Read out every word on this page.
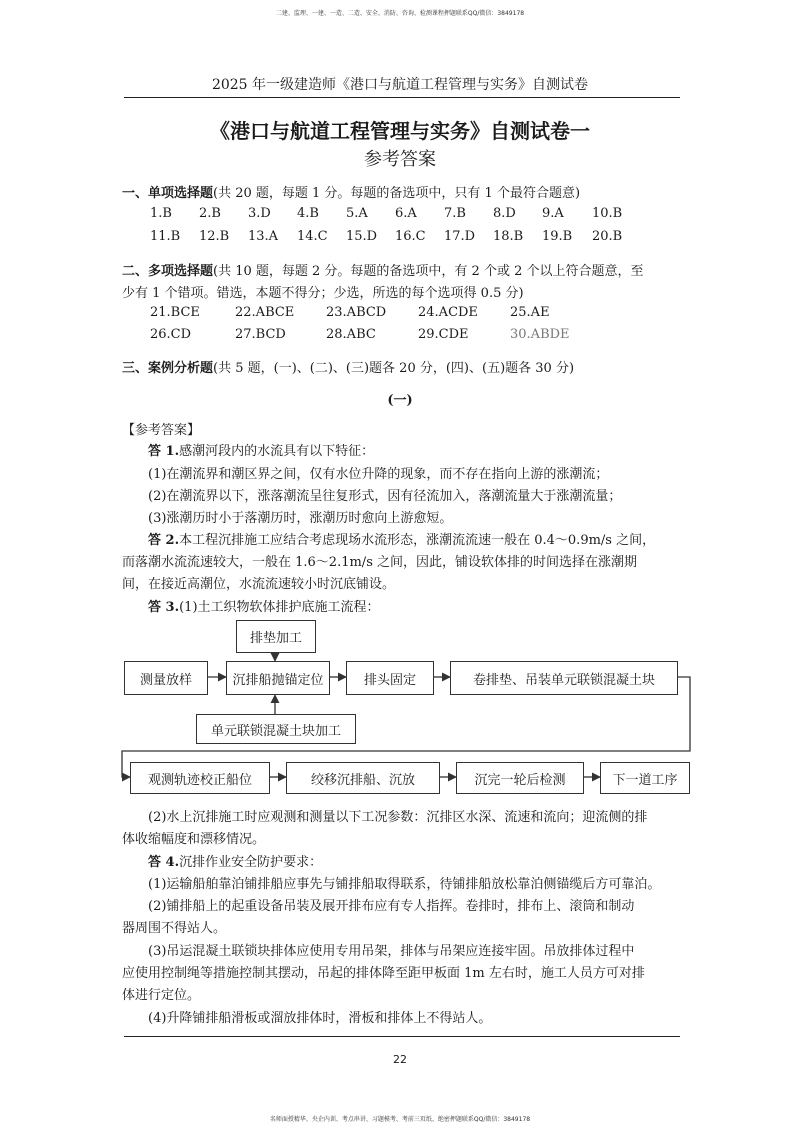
二建、监理、一建、一造、二造、安全、消防、咨询、检测课程押题联系QQ/微信：3849178
2025 年一级建造师《港口与航道工程管理与实务》自测试卷
《港口与航道工程管理与实务》自测试卷一
参考答案
一、单项选择题(共 20 题，每题 1 分。每题的备选项中，只有 1 个最符合题意)
1.B 2.B 3.D 4.B 5.A 6.A 7.B 8.D 9.A 10.B
11.B 12.B 13.A 14.C 15.D 16.C 17.D 18.B 19.B 20.B
二、多项选择题(共 10 题，每题 2 分。每题的备选项中，有 2 个或 2 个以上符合题意，至
少有 1 个错项。错选，本题不得分；少选，所选的每个选项得 0.5 分)
21.BCE	22.ABCE 23.ABCD 24.ACDE 25.AE
26.CD	27.BCD	28.ABC	29.CDE	30.ABDE
三、案例分析题(共 5 题，(一)、(二)、(三)题各 20 分，(四)、(五)题各 30 分)
(一)
【参考答案】
答 1.感潮河段内的水流具有以下特征：
(1)在潮流界和潮区界之间，仅有水位升降的现象，而不存在指向上游的涨潮流；
(2)在潮流界以下，涨落潮流呈往复形式，因有径流加入，落潮流量大于涨潮流量；
(3)涨潮历时小于落潮历时，涨潮历时愈向上游愈短。
答 2.本工程沉排施工应结合考虑现场水流形态，涨潮流流速一般在 0.4～0.9m/s 之间，
而落潮水流流速较大，一般在 1.6～2.1m/s 之间，因此，铺设软体排的时间选择在涨潮期
间，在接近高潮位，水流流速较小时沉底铺设。
答 3.(1)土工织物软体排护底施工流程：
排垫加工
测量放样	沉排船抛锚定位	排头固定	卷排垫、吊装单元联锁混凝土块
单元联锁混凝土块加工
观测轨迹校正船位	绞移沉排船、沉放	沉完一轮后检测	下一道工序
(2)水上沉排施工时应观测和测量以下工况参数：沉排区水深、流速和流向；迎流侧的排
体收缩幅度和漂移情况。
答 4.沉排作业安全防护要求：
(1)运输船舶靠泊铺排船应事先与铺排船取得联系，待铺排船放松靠泊侧锚缆后方可靠泊。
(2)铺排船上的起重设备吊装及展开排布应有专人指挥。卷排时，排布上、滚筒和制动
器周围不得站人。
(3)吊运混凝土联锁块排体应使用专用吊架，排体与吊架应连接牢固。吊放排体过程中
应使用控制绳等措施控制其摆动，吊起的排体降至距甲板面 1m 左右时，施工人员方可对排
体进行定位。
(4)升降铺排船滑板或溜放排体时，滑板和排体上不得站人。
22
名师面授精华、央企内训、考点串讲、习题模考、考前三页纸、绝密押题联系QQ/微信：3849178
